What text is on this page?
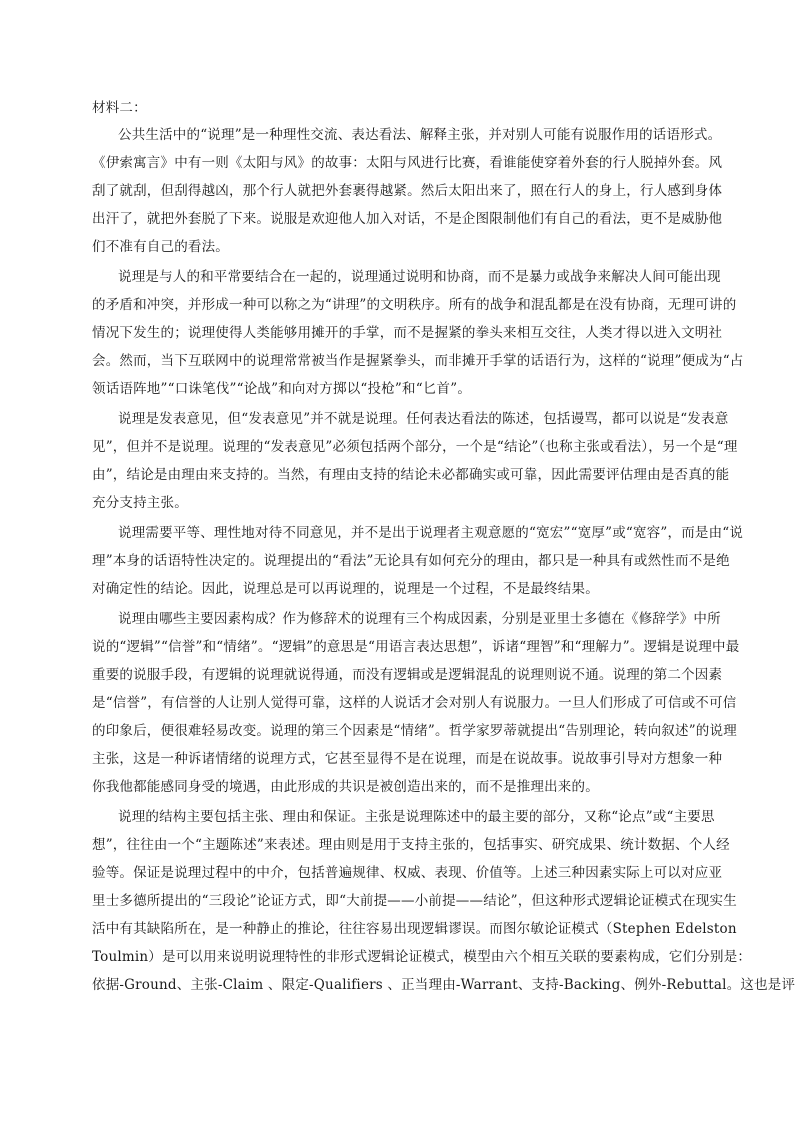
材料二：
公共生活中的“说理”是一种理性交流、表达看法、解释主张，并对别人可能有说服作用的话语形式。
《伊索寓言》中有一则《太阳与风》的故事：太阳与风进行比赛，看谁能使穿着外套的行人脱掉外套。风
刮了就刮，但刮得越凶，那个行人就把外套裹得越紧。然后太阳出来了，照在行人的身上，行人感到身体
出汗了，就把外套脱了下来。说服是欢迎他人加入对话，不是企图限制他们有自己的看法，更不是威胁他
们不准有自己的看法。
说理是与人的和平常要结合在一起的，说理通过说明和协商，而不是暴力或战争来解决人间可能出现
的矛盾和冲突，并形成一种可以称之为“讲理”的文明秩序。所有的战争和混乱都是在没有协商，无理可讲的
情况下发生的；说理使得人类能够用摊开的手掌，而不是握紧的拳头来相互交往，人类才得以进入文明社
会。然而，当下互联网中的说理常常被当作是握紧拳头，而非摊开手掌的话语行为，这样的“说理”便成为“占
领话语阵地”“口诛笔伐”“论战”和向对方掷以“投枪”和“匕首”。
说理是发表意见，但“发表意见”并不就是说理。任何表达看法的陈述，包括谩骂，都可以说是“发表意
见”，但并不是说理。说理的“发表意见”必须包括两个部分，一个是“结论”（也称主张或看法），另一个是“理
由”，结论是由理由来支持的。当然，有理由支持的结论未必都确实或可靠，因此需要评估理由是否真的能
充分支持主张。
说理需要平等、理性地对待不同意见，并不是出于说理者主观意愿的“宽宏”“宽厚”或“宽容”，而是由“说
理”本身的话语特性决定的。说理提出的“看法”无论具有如何充分的理由，都只是一种具有或然性而不是绝
对确定性的结论。因此，说理总是可以再说理的，说理是一个过程，不是最终结果。
说理由哪些主要因素构成？作为修辞术的说理有三个构成因素，分别是亚里士多德在《修辞学》中所
说的“逻辑”“信誉”和“情绪”。“逻辑”的意思是“用语言表达思想”，诉诸“理智”和“理解力”。逻辑是说理中最
重要的说服手段，有逻辑的说理就说得通，而没有逻辑或是逻辑混乱的说理则说不通。说理的第二个因素
是“信誉”，有信誉的人让别人觉得可靠，这样的人说话才会对别人有说服力。一旦人们形成了可信或不可信
的印象后，便很难轻易改变。说理的第三个因素是“情绪”。哲学家罗蒂就提出“告别理论，转向叙述”的说理
主张，这是一种诉诸情绪的说理方式，它甚至显得不是在说理，而是在说故事。说故事引导对方想象一种
你我他都能感同身受的境遇，由此形成的共识是被创造出来的，而不是推理出来的。
说理的结构主要包括主张、理由和保证。主张是说理陈述中的最主要的部分，又称“论点”或“主要思
想”，往往由一个“主题陈述”来表述。理由则是用于支持主张的，包括事实、研究成果、统计数据、个人经
验等。保证是说理过程中的中介，包括普遍规律、权威、表现、价值等。上述三种因素实际上可以对应亚
里士多德所提出的“三段论”论证方式，即“大前提——小前提——结论”，但这种形式逻辑论证模式在现实生
活中有其缺陷所在，是一种静止的推论，往往容易出现逻辑谬误。而图尔敏论证模式（Stephen Edelston
Toulmin）是可以用来说明说理特性的非形式逻辑论证模式，模型由六个相互关联的要素构成，它们分别是：
依据-Ground、主张-Claim 、限定-Qualifiers 、正当理由-Warrant、支持-Backing、例外-Rebuttal。这也是评
